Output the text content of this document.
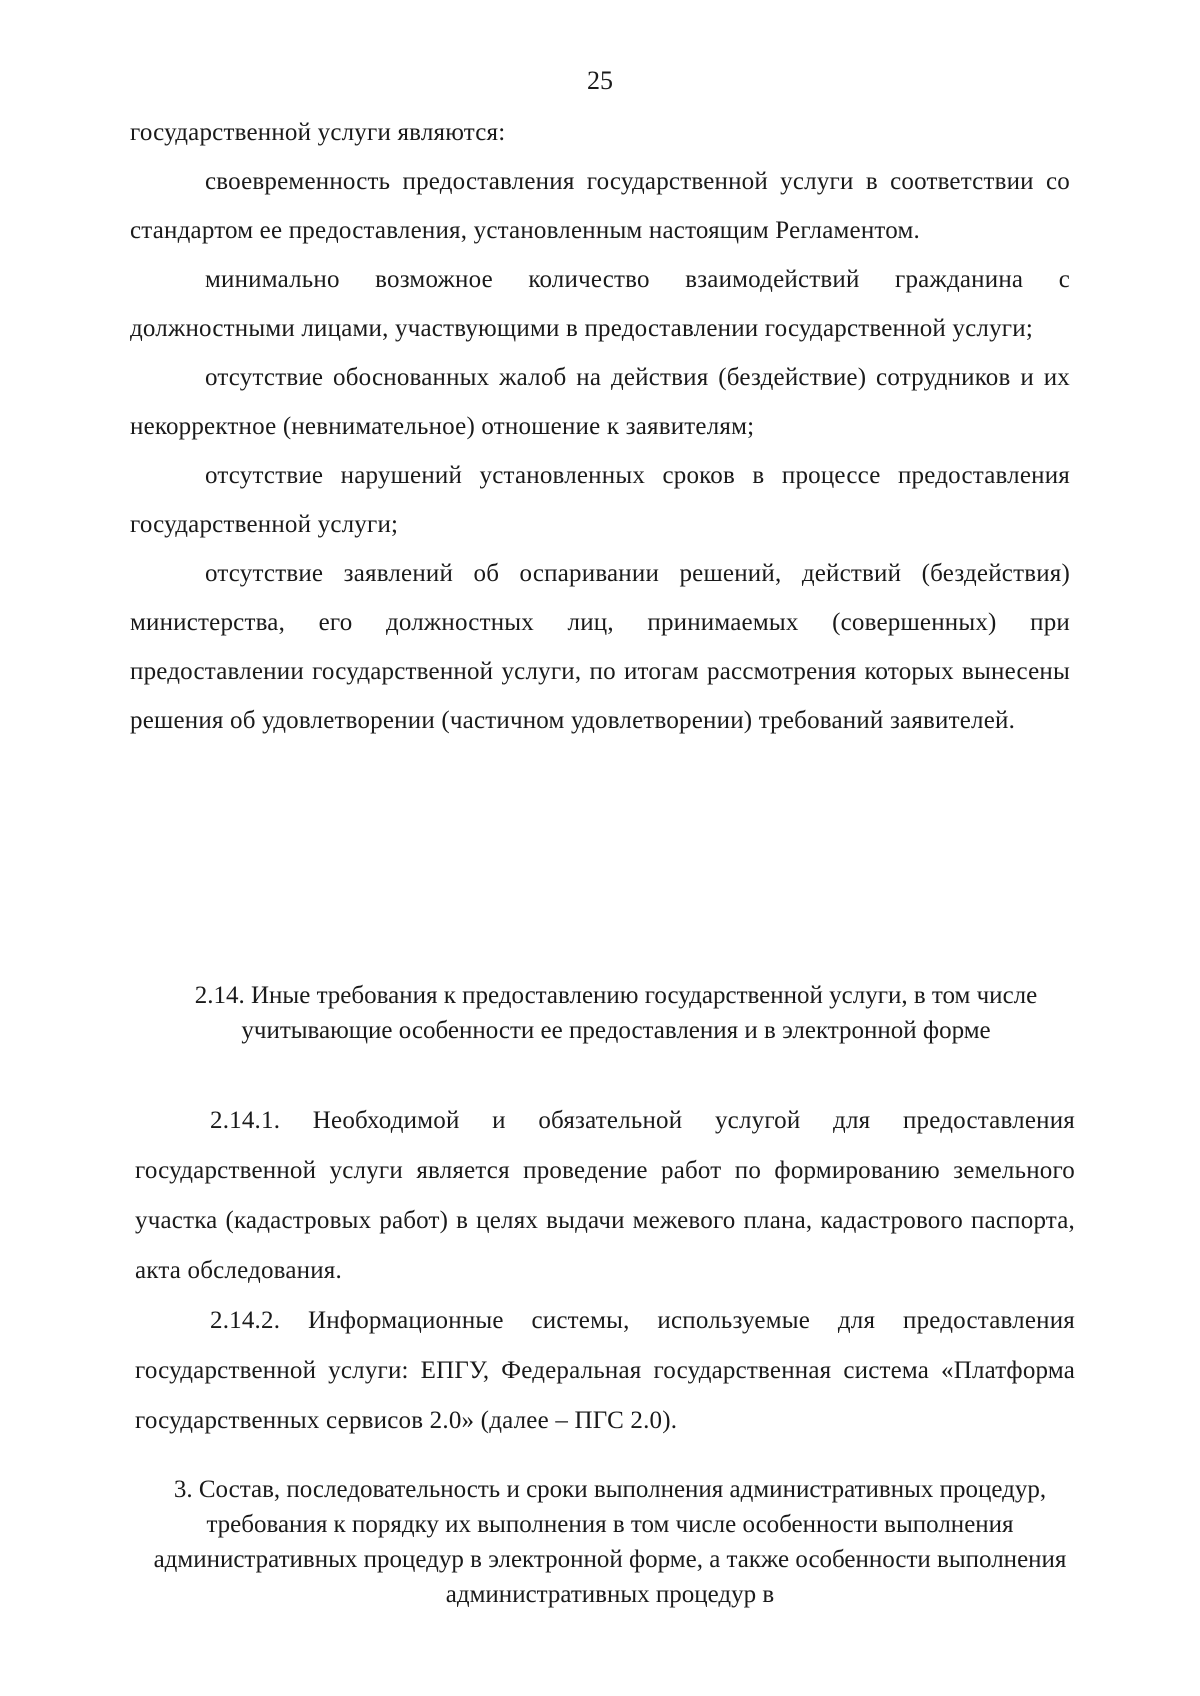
25

государственной услуги являются:

своевременность предоставления государственной услуги в соответствии со стандартом ее предоставления, установленным настоящим Регламентом.

минимально возможное количество взаимодействий гражданина с должностными лицами, участвующими в предоставлении государственной услуги;

отсутствие обоснованных жалоб на действия (бездействие) сотрудников и их некорректное (невнимательное) отношение к заявителям;

отсутствие нарушений установленных сроков в процессе предоставления государственной услуги;

отсутствие заявлений об оспаривании решений, действий (бездействия) министерства, его должностных лиц, принимаемых (совершенных) при предоставлении государственной услуги, по итогам рассмотрения которых вынесены решения об удовлетворении (частичном удовлетворении) требований заявителей.

2.14. Иные требования к предоставлению государственной услуги, в том числе учитывающие особенности ее предоставления и в электронной форме

2.14.1. Необходимой и обязательной услугой для предоставления государственной услуги является проведение работ по формированию земельного участка (кадастровых работ) в целях выдачи межевого плана, кадастрового паспорта, акта обследования.

2.14.2. Информационные системы, используемые для предоставления государственной услуги: ЕПГУ, Федеральная государственная система «Платформа государственных сервисов 2.0» (далее – ПГС 2.0).

3. Состав, последовательность и сроки выполнения административных процедур, требования к порядку их выполнения в том числе особенности выполнения административных процедур в электронной форме, а также особенности выполнения административных процедур в
